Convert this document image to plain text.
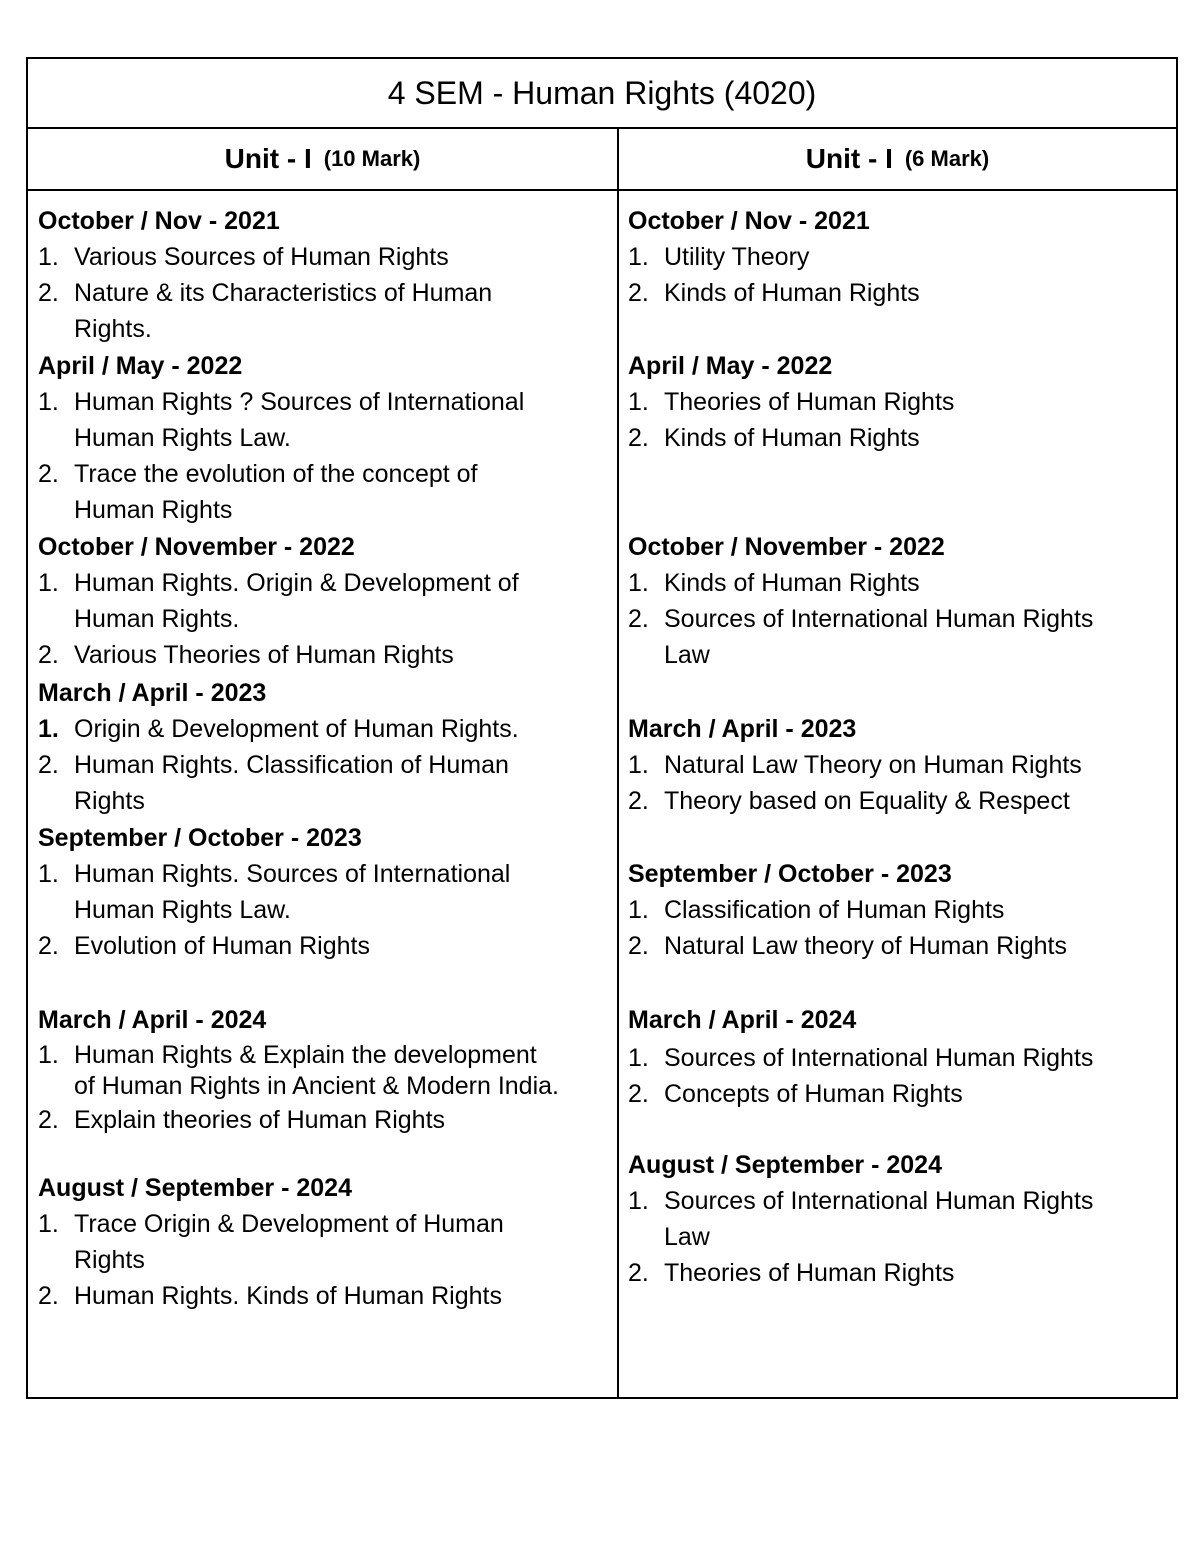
4 SEM - Human Rights (4020)
Unit - I (10 Mark)	Unit - I (6 Mark)
October / Nov - 2021
1. Various Sources of Human Rights
2. Nature & its Characteristics of Human
Rights.
April / May - 2022
1. Human Rights ? Sources of International
Human Rights Law.
2. Trace the evolution of the concept of
Human Rights
October / November - 2022
1. Human Rights. Origin & Development of
Human Rights.
2. Various Theories of Human Rights
March / April - 2023
1. Origin & Development of Human Rights.
2. Human Rights. Classification of Human
Rights
September / October - 2023
1. Human Rights. Sources of International
Human Rights Law.
2. Evolution of Human Rights
March / April - 2024
1. Human Rights & Explain the development
of Human Rights in Ancient & Modern India.
2. Explain theories of Human Rights
August / September - 2024
1. Trace Origin & Development of Human
Rights
2. Human Rights. Kinds of Human Rights
October / Nov - 2021
1. Utility Theory
2. Kinds of Human Rights
April / May - 2022
1. Theories of Human Rights
2. Kinds of Human Rights
October / November - 2022
1. Kinds of Human Rights
2. Sources of International Human Rights
Law
March / April - 2023
1. Natural Law Theory on Human Rights
2. Theory based on Equality & Respect
September / October - 2023
1. Classification of Human Rights
2. Natural Law theory of Human Rights
March / April - 2024
1. Sources of International Human Rights
2. Concepts of Human Rights
August / September - 2024
1. Sources of International Human Rights
Law
2. Theories of Human Rights
